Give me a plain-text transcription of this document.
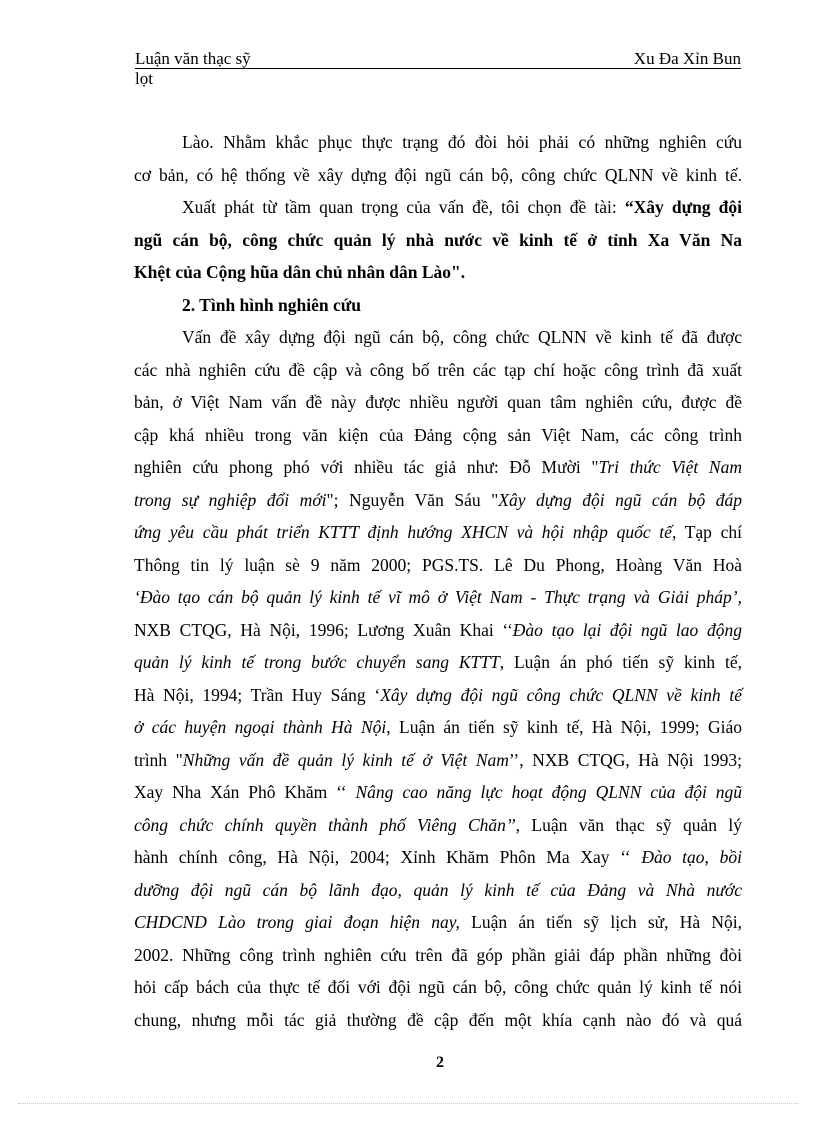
Luận văn thạc sỹ
lọt
Xu Đa Xỉn Bun
Lào. Nhằm khắc phục thực trạng đó đòi hỏi phải có những nghiên cứu
cơ bản, có hệ thống về xây dựng đội ngũ cán bộ, công chức QLNN về kinh tế.
Xuất phát từ tầm quan trọng của vấn đề, tôi chọn đề tài: “Xây dựng đội
ngũ cán bộ, công chức quản lý nhà nước về kinh tế ở tỉnh Xa Văn Na
Khệt của Cộng hũa dân chủ nhân dân Lào".
2. Tình hình nghiên cứu
Vấn đề xây dựng đội ngũ cán bộ, công chức QLNN về kinh tế đã được
các nhà nghiên cứu đề cập và công bố trên các tạp chí hoặc công trình đã xuất
bản, ở Việt Nam vấn đề này được nhiều người quan tâm nghiên cứu, được đề
cập khá nhiều trong văn kiện của Đảng cộng sản Việt Nam, các công trình
nghiên cứu phong phó với nhiều tác giả như: Đỗ Mười "Tri thức Việt Nam
trong sự nghiệp đổi mới"; Nguyễn Văn Sáu "Xây dựng đội ngũ cán bộ đáp
ứng yêu cầu phát triển KTTT định hướng XHCN và hội nhập quốc tế, Tạp chí
Thông tin lý luận sè 9 năm 2000; PGS.TS. Lê Du Phong, Hoàng Văn Hoà
‘Đào tạo cán bộ quản lý kinh tế vĩ mô ở Việt Nam - Thực trạng và Giải pháp’,
NXB CTQG, Hà Nội, 1996; Lương Xuân Khai ‘‘Đào tạo lại đội ngũ lao động
quản lý kinh tế trong bước chuyển sang KTTT, Luận án phó tiến sỹ kinh tế,
Hà Nội, 1994; Trần Huy Sáng ‘Xây dựng đội ngũ công chức QLNN về kinh tế
ở các huyện ngoại thành Hà Nội, Luận án tiến sỹ kinh tế, Hà Nội, 1999; Giáo
trình "Những vấn đề quản lý kinh tế ở Việt Nam’’, NXB CTQG, Hà Nội 1993;
Xay Nha Xán Phô Khăm ‘‘ Nâng cao năng lực hoạt động QLNN của đội ngũ
công chức chính quyền thành phố Viêng Chăn’’, Luận văn thạc sỹ quản lý
hành chính công, Hà Nội, 2004; Xỉnh Khăm Phôn Ma Xay ‘‘ Đào tạo, bồi
dưỡng đội ngũ cán bộ lãnh đạo, quản lý kinh tế của Đảng và Nhà nước
CHDCND Lào trong giai đoạn hiện nay, Luận án tiến sỹ lịch sử, Hà Nội,
2002. Những công trình nghiên cứu trên đã góp phần giải đáp phần những đòi
hỏi cấp bách của thực tế đối với đội ngũ cán bộ, công chức quản lý kinh tế nói
chung, nhưng mỗi tác giả thường đề cập đến một khía cạnh nào đó và quá
2
